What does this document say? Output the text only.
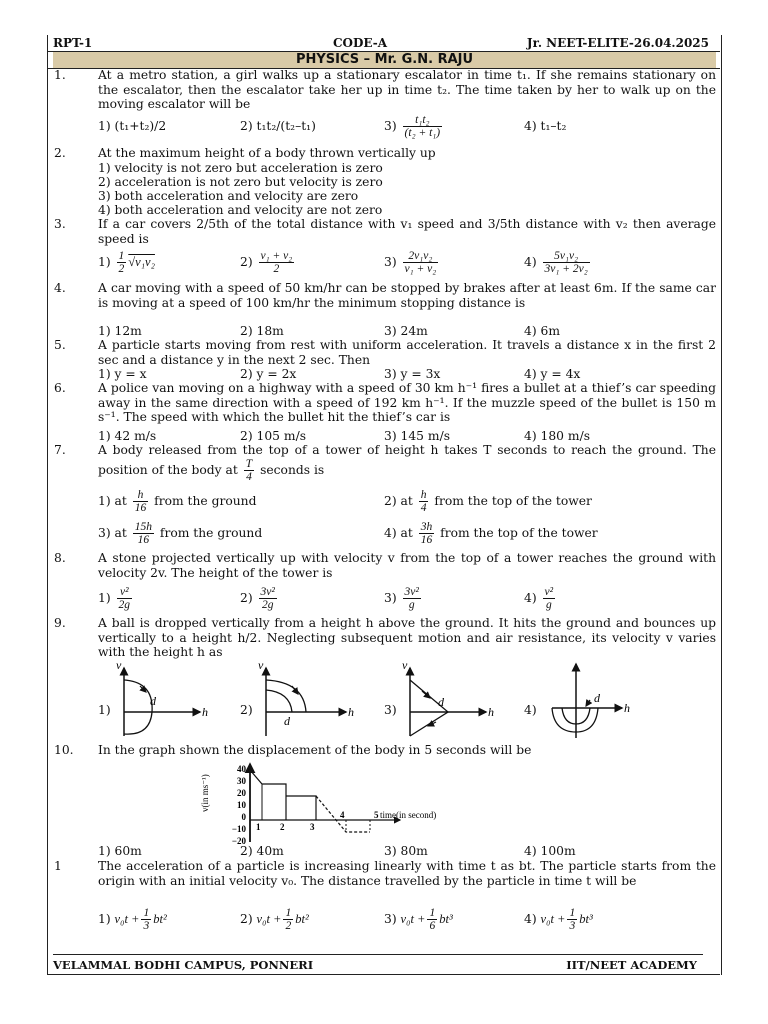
RPT-1	CODE-A	Jr. NEET-ELITE-26.04.2025
PHYSICS – Mr. G.N. RAJU
1.	At a metro station, a girl walks up a stationary escalator in time t₁. If she remains stationary on the escalator, then the escalator take her up in time t₂. The time taken by her to walk up on the moving escalator will be
1) (t₁+t₂)/2	2) t₁t₂/(t₂–t₁)	$3) \frac{\text{t₁t₂}}{\text{(t₂ + t₁)}}$	4) t₁–t₂
2.	At the maximum height of a body thrown vertically up
1) velocity is not zero but acceleration is zero
2) acceleration is not zero but velocity is zero
3) both acceleration and velocity are zero
4) both acceleration and velocity are not zero
3.	If a car covers 2/5th of the total distance with v₁ speed and 3/5th distance with v₂ then average speed is
$1) \frac{1}{2} √v_1v_2$	$2) \frac{\text{v₁ + v₂}}{2}$	$3) \frac{\text{2v₁v₂}}{\text{v₁ + v₂}}$	$4) \frac{\text{5v₁v₂}}{\text{3v₁ + 2v₂}}$
4.	A car moving with a speed of 50 km/hr can be stopped by brakes after at least 6m. If the same car is moving at a speed of 100 km/hr the minimum stopping distance is
1) 12m	2) 18m	3) 24m	4) 6m
5.	A particle starts moving from rest with uniform acceleration. It travels a distance x in the first 2 sec and a distance y in the next 2 sec. Then
1) y = x	2) y = 2x	3) y = 3x	4) y = 4x
6.	A police van moving on a highway with a speed of 30 km h⁻¹ fires a bullet at a thief’s car speeding away in the same direction with a speed of 192 km h⁻¹. If the muzzle speed of the bullet is 150 m s⁻¹. The speed with which the bullet hit the thief’s car is
1) 42 m/s	2) 105 m/s	3) 145 m/s	4) 180 m/s
7.	A body released from the top of a tower of height h takes T seconds to reach the ground. The position of the body at $\frac{T}{4}$ seconds is
1) at $\frac{h}{16}$ from the ground	2) at $\frac{h}{4}$ from the top of the tower
3) at $\frac{15h}{16}$ from the ground	4) at $\frac{3h}{16}$ from the top of the tower
8.	A stone projected vertically up with velocity v from the top of a tower reaches the ground with velocity 2v. The height of the tower is
$1) \frac{\text{v²}}{2g}$	$2) \frac{\text{3v²}}{2g}$	$3) \frac{\text{3v²}}{g}$	$4) \frac{\text{v²}}{g}$
9.	A ball is dropped vertically from a height h above the ground. It hits the ground and bounces up vertically to a height h/2. Neglecting subsequent motion and air resistance, its velocity v varies with the height h as
1)	2)	3)	4)
v
d
h
v
d
h
v
d
h
d
h
10. In the graph shown the displacement of the body in 5 seconds will be
v(in ms⁻¹)
40
30
20
10
0
−10
−20
1 2	3
4	5 time(in second)
1) 60m	2) 40m	3) 80m	4) 100m
1	The acceleration of a particle is increasing linearly with time t as bt. The particle starts from the origin with an initial velocity v₀. The distance travelled by the particle in time t will be
1) $v_0t + \frac{1}{3} bt^2$	2) $v_0t + \frac{1}{2} bt^2$	3) $v_0t + \frac{1}{6} bt^3$	4) $v_0t + \frac{1}{3} bt^3$
VELAMMAL BODHI CAMPUS, PONNERI	IIT/NEET ACADEMY
